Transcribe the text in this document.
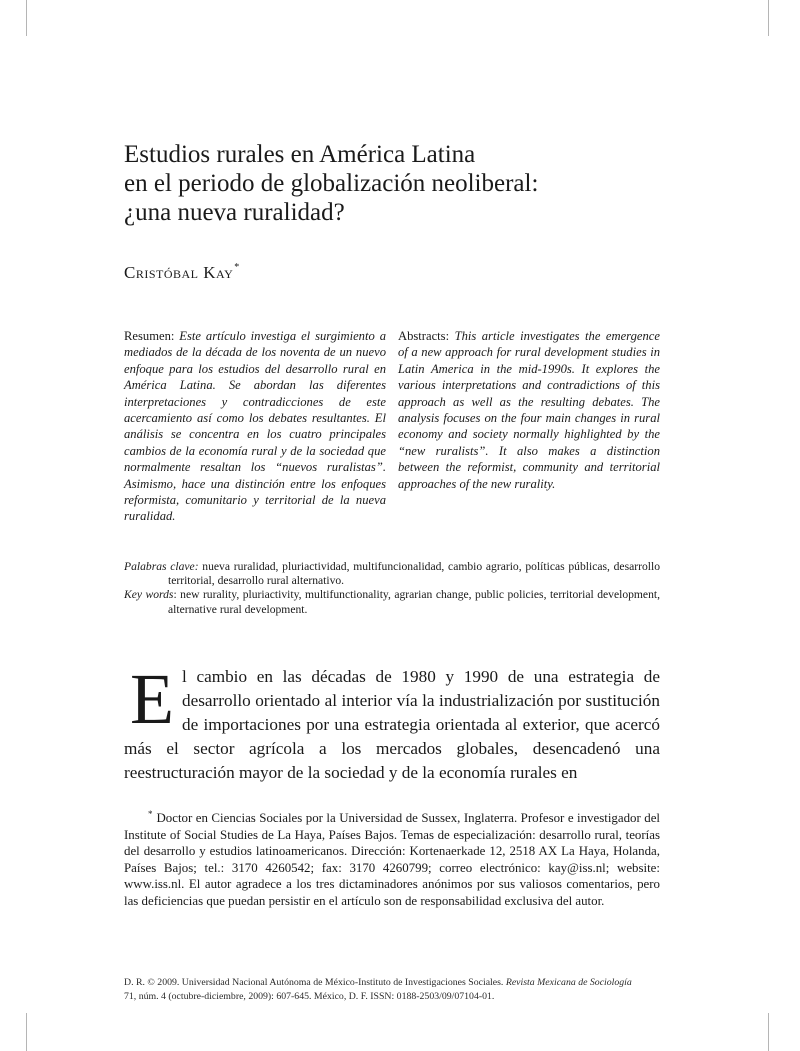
Estudios rurales en América Latina
en el periodo de globalización neoliberal:
¿una nueva ruralidad?

Cristóbal Kay*

Resumen: Este artículo investiga el surgimiento a mediados de la década de los noventa de un nuevo enfoque para los estudios del desarrollo rural en América Latina. Se abordan las diferentes interpretaciones y contradicciones de este acercamiento así como los debates resultantes. El análisis se concentra en los cuatro principales cambios de la economía rural y de la sociedad que normalmente resaltan los “nuevos ruralistas”. Asimismo, hace una distinción entre los enfoques reformista, comunitario y territorial de la nueva ruralidad.
Abstracts: This article investigates the emergence of a new approach for rural development studies in Latin America in the mid-1990s. It explores the various interpretations and contradictions of this approach as well as the resulting debates. The analysis focuses on the four main changes in rural economy and society normally highlighted by the “new ruralists”. It also makes a distinction between the reformist, community and territorial approaches of the new rurality.

Palabras clave: nueva ruralidad, pluriactividad, multifuncionalidad, cambio agrario, políticas públicas, desarrollo territorial, desarrollo rural alternativo.

Key words: new rurality, pluriactivity, multifunctionality, agrarian change, public policies, territorial development, alternative rural development.

El cambio en las décadas de 1980 y 1990 de una estrategia de desarrollo orientado al interior vía la industrialización por sustitución de importaciones por una estrategia orientada al exterior, que acercó más el sector agrícola a los mercados globales, desencadenó una reestructuración mayor de la sociedad y de la economía rurales en

* Doctor en Ciencias Sociales por la Universidad de Sussex, Inglaterra. Profesor e investigador del Institute of Social Studies de La Haya, Países Bajos. Temas de especialización: desarrollo rural, teorías del desarrollo y estudios latinoamericanos. Dirección: Kortenaerkade 12, 2518 AX La Haya, Holanda, Países Bajos; tel.: 3170 4260542; fax: 3170 4260799; correo electrónico: kay@iss.nl; website: www.iss.nl. El autor agradece a los tres dictaminadores anónimos por sus valiosos comentarios, pero las deficiencias que puedan persistir en el artículo son de responsabilidad exclusiva del autor.

D. R. © 2009. Universidad Nacional Autónoma de México-Instituto de Investigaciones Sociales. Revista Mexicana de Sociología
71, núm. 4 (octubre-diciembre, 2009): 607-645. México, D. F. ISSN: 0188-2503/09/07104-01.
